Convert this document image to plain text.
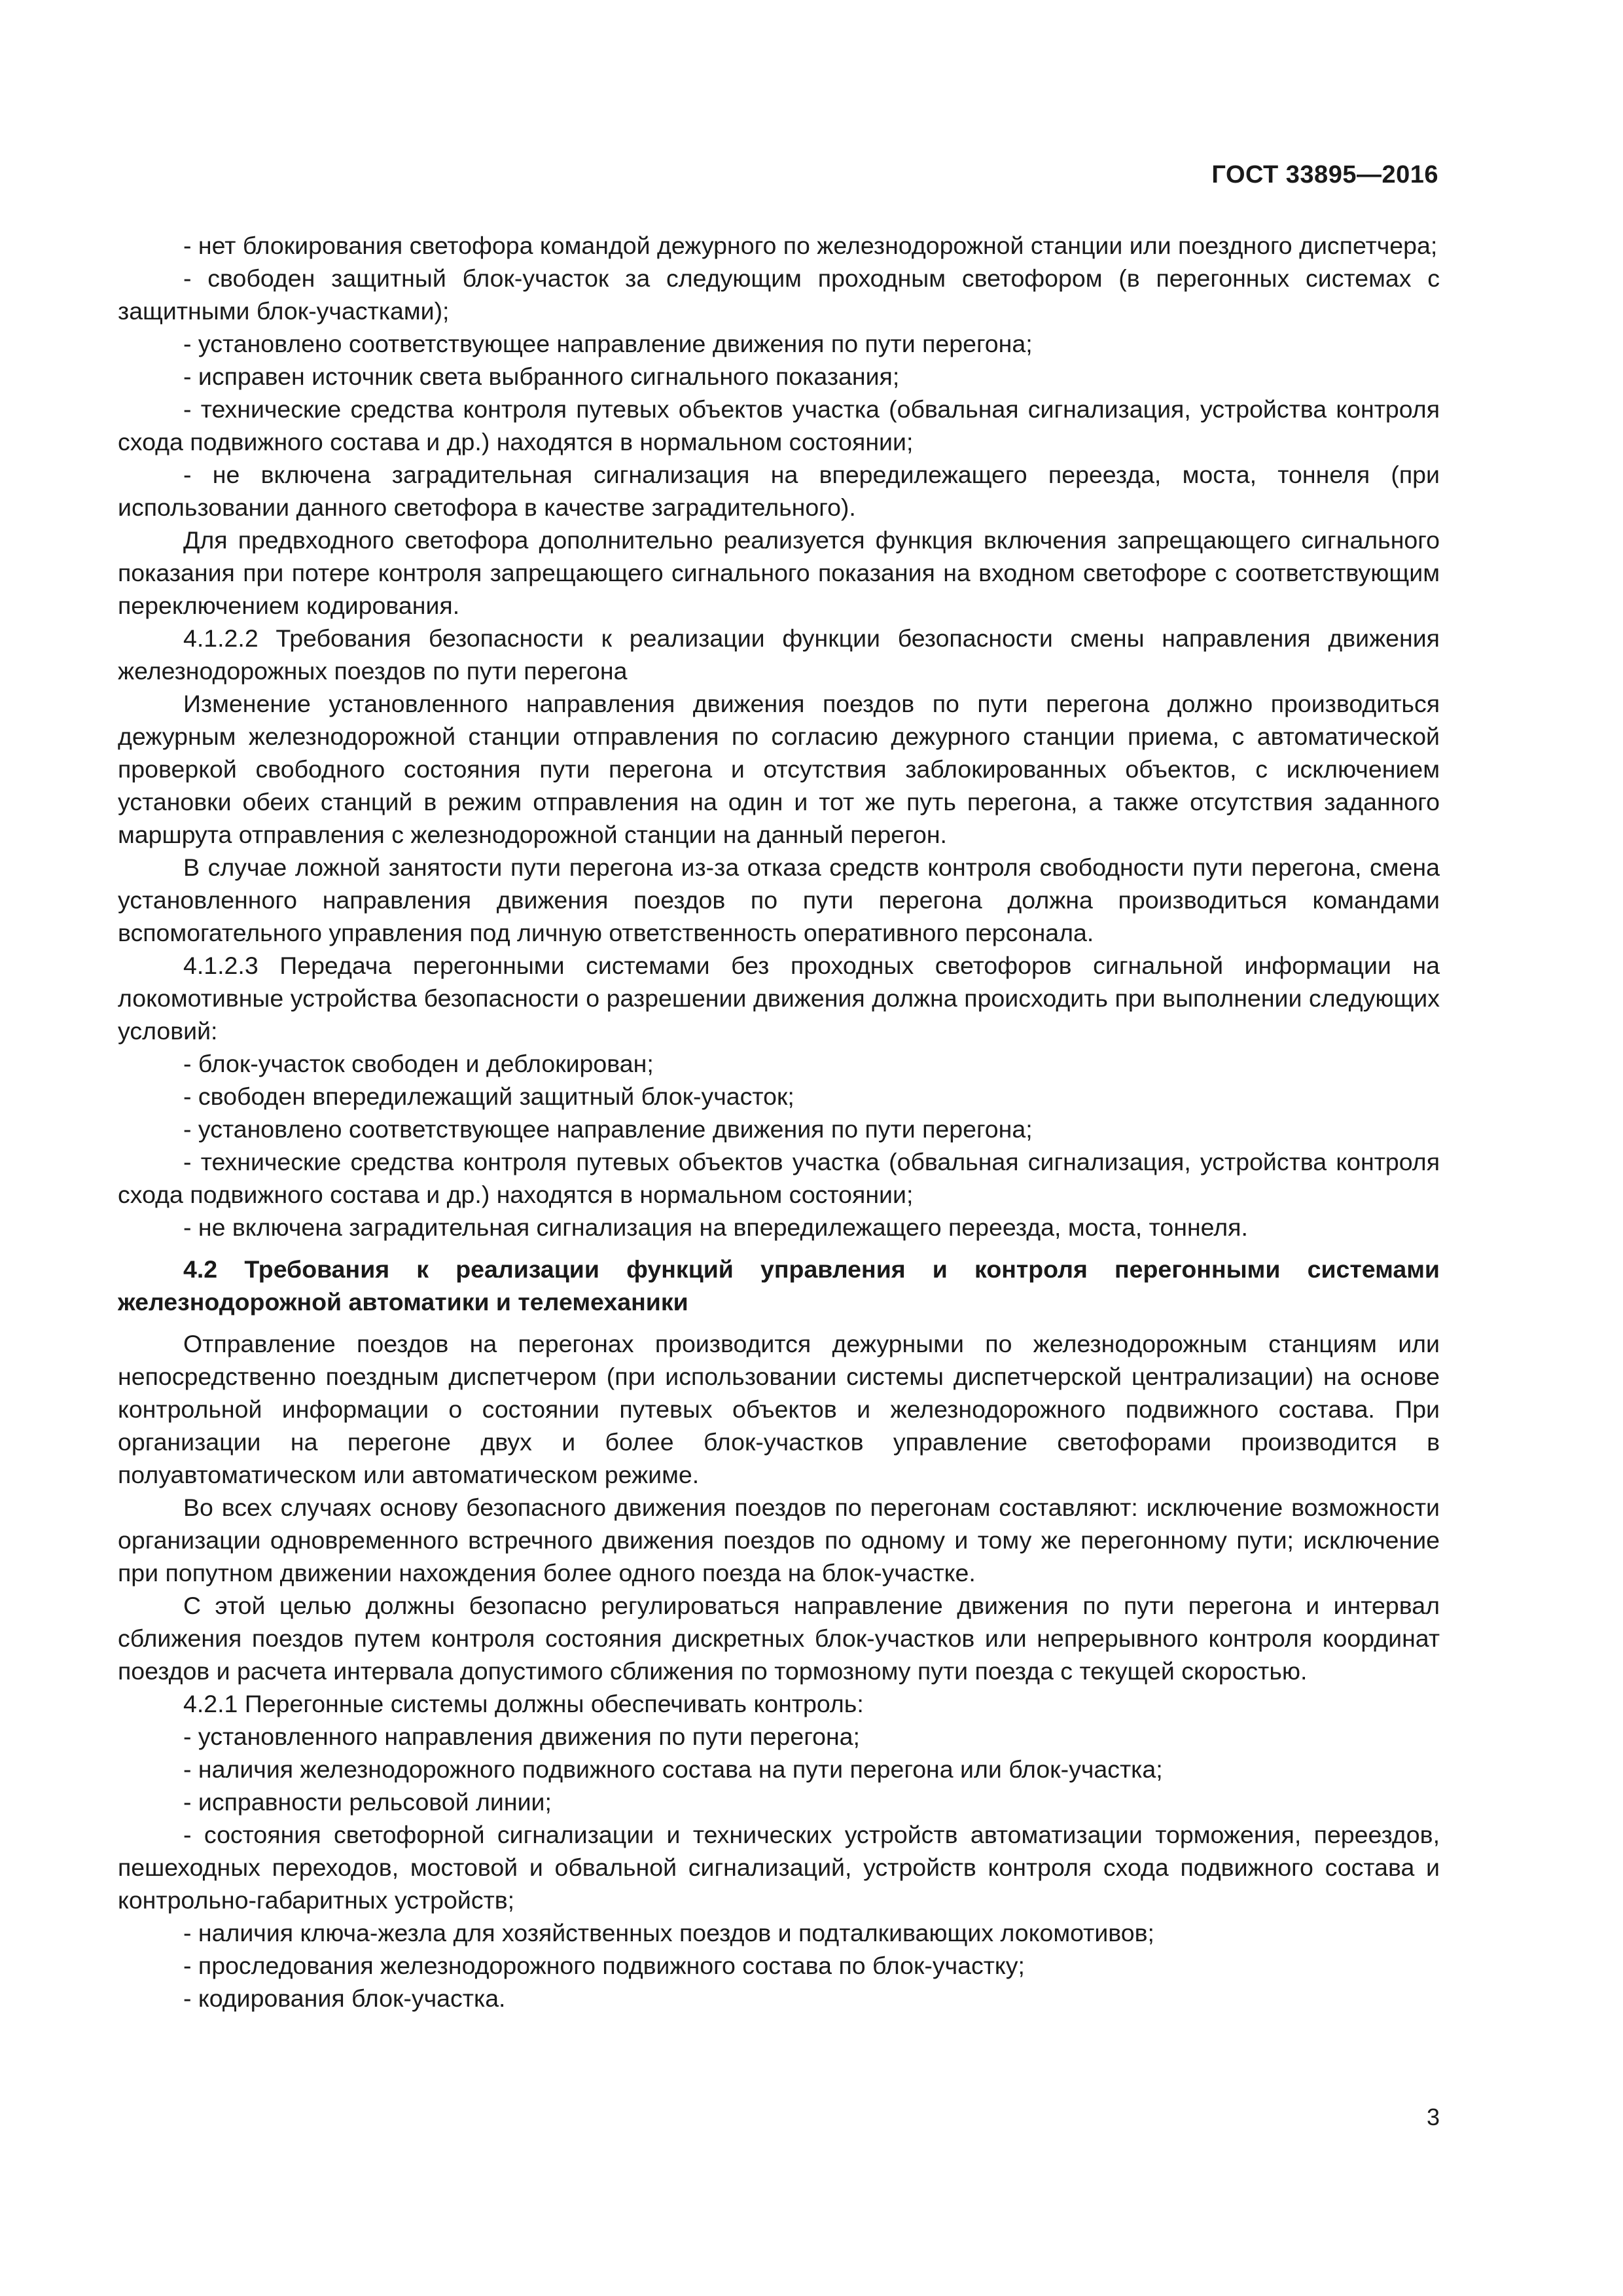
ГОСТ 33895—2016

- нет блокирования светофора командой дежурного по железнодорожной станции или поездного диспетчера;

- свободен защитный блок-участок за следующим проходным светофором (в перегонных системах с защитными блок-участками);

- установлено соответствующее направление движения по пути перегона;

- исправен источник света выбранного сигнального показания;

- технические средства контроля путевых объектов участка (обвальная сигнализация, устройства контроля схода подвижного состава и др.) находятся в нормальном состоянии;

- не включена заградительная сигнализация на впередилежащего переезда, моста, тоннеля (при использовании данного светофора в качестве заградительного).

Для предвходного светофора дополнительно реализуется функция включения запрещающего сигнального показания при потере контроля запрещающего сигнального показания на входном светофоре с соответствующим переключением кодирования.

4.1.2.2 Требования безопасности к реализации функции безопасности смены направления движения железнодорожных поездов по пути перегона

Изменение установленного направления движения поездов по пути перегона должно производиться дежурным железнодорожной станции отправления по согласию дежурного станции приема, с автоматической проверкой свободного состояния пути перегона и отсутствия заблокированных объектов, с исключением установки обеих станций в режим отправления на один и тот же путь перегона, а также отсутствия заданного маршрута отправления с железнодорожной станции на данный перегон.

В случае ложной занятости пути перегона из-за отказа средств контроля свободности пути перегона, смена установленного направления движения поездов по пути перегона должна производиться командами вспомогательного управления под личную ответственность оперативного персонала.

4.1.2.3 Передача перегонными системами без проходных светофоров сигнальной информации на локомотивные устройства безопасности о разрешении движения должна происходить при выполнении следующих условий:

- блок-участок свободен и деблокирован;

- свободен впередилежащий защитный блок-участок;

- установлено соответствующее направление движения по пути перегона;

- технические средства контроля путевых объектов участка (обвальная сигнализация, устройства контроля схода подвижного состава и др.) находятся в нормальном состоянии;

- не включена заградительная сигнализация на впередилежащего переезда, моста, тоннеля.

4.2 Требования к реализации функций управления и контроля перегонными системами железнодорожной автоматики и телемеханики

Отправление поездов на перегонах производится дежурными по железнодорожным станциям или непосредственно поездным диспетчером (при использовании системы диспетчерской централизации) на основе контрольной информации о состоянии путевых объектов и железнодорожного подвижного состава. При организации на перегоне двух и более блок-участков управление светофорами производится в полуавтоматическом или автоматическом режиме.

Во всех случаях основу безопасного движения поездов по перегонам составляют: исключение возможности организации одновременного встречного движения поездов по одному и тому же перегонному пути; исключение при попутном движении нахождения более одного поезда на блок-участке.

С этой целью должны безопасно регулироваться направление движения по пути перегона и интервал сближения поездов путем контроля состояния дискретных блок-участков или непрерывного контроля координат поездов и расчета интервала допустимого сближения по тормозному пути поезда с текущей скоростью.

4.2.1 Перегонные системы должны обеспечивать контроль:

- установленного направления движения по пути перегона;

- наличия железнодорожного подвижного состава на пути перегона или блок-участка;

- исправности рельсовой линии;

- состояния светофорной сигнализации и технических устройств автоматизации торможения, переездов, пешеходных переходов, мостовой и обвальной сигнализаций, устройств контроля схода подвижного состава и контрольно-габаритных устройств;

- наличия ключа-жезла для хозяйственных поездов и подталкивающих локомотивов;

- проследования железнодорожного подвижного состава по блок-участку;

- кодирования блок-участка.

3
